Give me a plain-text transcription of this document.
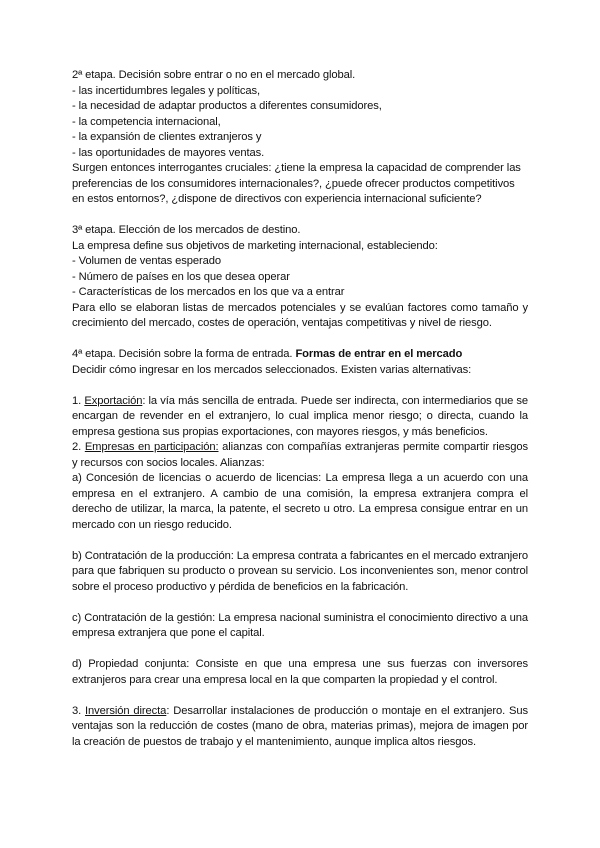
2ª etapa. Decisión sobre entrar o no en el mercado global.

- las incertidumbres legales y políticas,

- la necesidad de adaptar productos a diferentes consumidores,

- la competencia internacional,

- la expansión de clientes extranjeros y

- las oportunidades de mayores ventas.

Surgen entonces interrogantes cruciales: ¿tiene la empresa la capacidad de comprender las preferencias de los consumidores internacionales?, ¿puede ofrecer productos competitivos en estos entornos?, ¿dispone de directivos con experiencia internacional suficiente?

3ª etapa. Elección de los mercados de destino.

La empresa define sus objetivos de marketing internacional, estableciendo:

- Volumen de ventas esperado

- Número de países en los que desea operar

- Características de los mercados en los que va a entrar

Para ello se elaboran listas de mercados potenciales y se evalúan factores como tamaño y crecimiento del mercado, costes de operación, ventajas competitivas y nivel de riesgo.

4ª etapa. Decisión sobre la forma de entrada. Formas de entrar en el mercado

Decidir cómo ingresar en los mercados seleccionados. Existen varias alternativas:

1. Exportación: la vía más sencilla de entrada. Puede ser indirecta, con intermediarios que se encargan de revender en el extranjero, lo cual implica menor riesgo; o directa, cuando la empresa gestiona sus propias exportaciones, con mayores riesgos, y más beneficios.

2. Empresas en participación: alianzas con compañías extranjeras permite compartir riesgos y recursos con socios locales. Alianzas:

a) Concesión de licencias o acuerdo de licencias: La empresa llega a un acuerdo con una empresa en el extranjero. A cambio de una comisión, la empresa extranjera compra el derecho de utilizar, la marca, la patente, el secreto u otro. La empresa consigue entrar en un mercado con un riesgo reducido.

b) Contratación de la producción: La empresa contrata a fabricantes en el mercado extranjero para que fabriquen su producto o provean su servicio. Los inconvenientes son, menor control sobre el proceso productivo y pérdida de beneficios en la fabricación.

c) Contratación de la gestión: La empresa nacional suministra el conocimiento directivo a una empresa extranjera que pone el capital.

d) Propiedad conjunta: Consiste en que una empresa une sus fuerzas con inversores extranjeros para crear una empresa local en la que comparten la propiedad y el control.

3. Inversión directa: Desarrollar instalaciones de producción o montaje en el extranjero. Sus ventajas son la reducción de costes (mano de obra, materias primas), mejora de imagen por la creación de puestos de trabajo y el mantenimiento, aunque implica altos riesgos.
